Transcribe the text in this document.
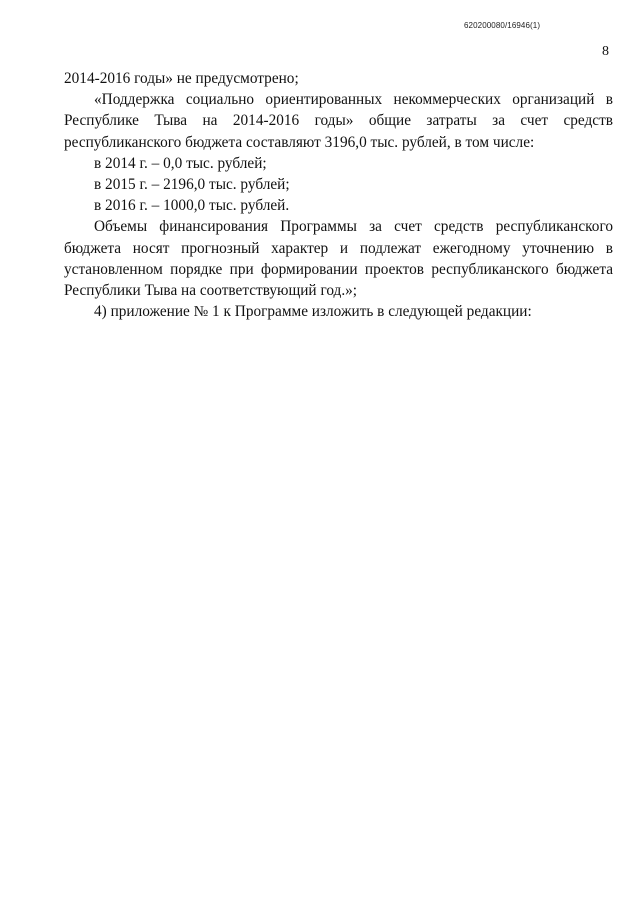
620200080/16946(1)
8

2014-2016 годы» не предусмотрено;

«Поддержка социально ориентированных некоммерческих организаций в Республике Тыва на 2014-2016 годы» общие затраты за счет средств республиканского бюджета составляют 3196,0 тыс. рублей, в том числе:

в 2014 г. – 0,0 тыс. рублей;

в 2015 г. – 2196,0 тыс. рублей;

в 2016 г. – 1000,0 тыс. рублей.

Объемы финансирования Программы за счет средств республиканского бюджета носят прогнозный характер и подлежат ежегодному уточнению в установленном порядке при формировании проектов республиканского бюджета Республики Тыва на соответствующий год.»;

4) приложение № 1 к Программе изложить в следующей редакции:
